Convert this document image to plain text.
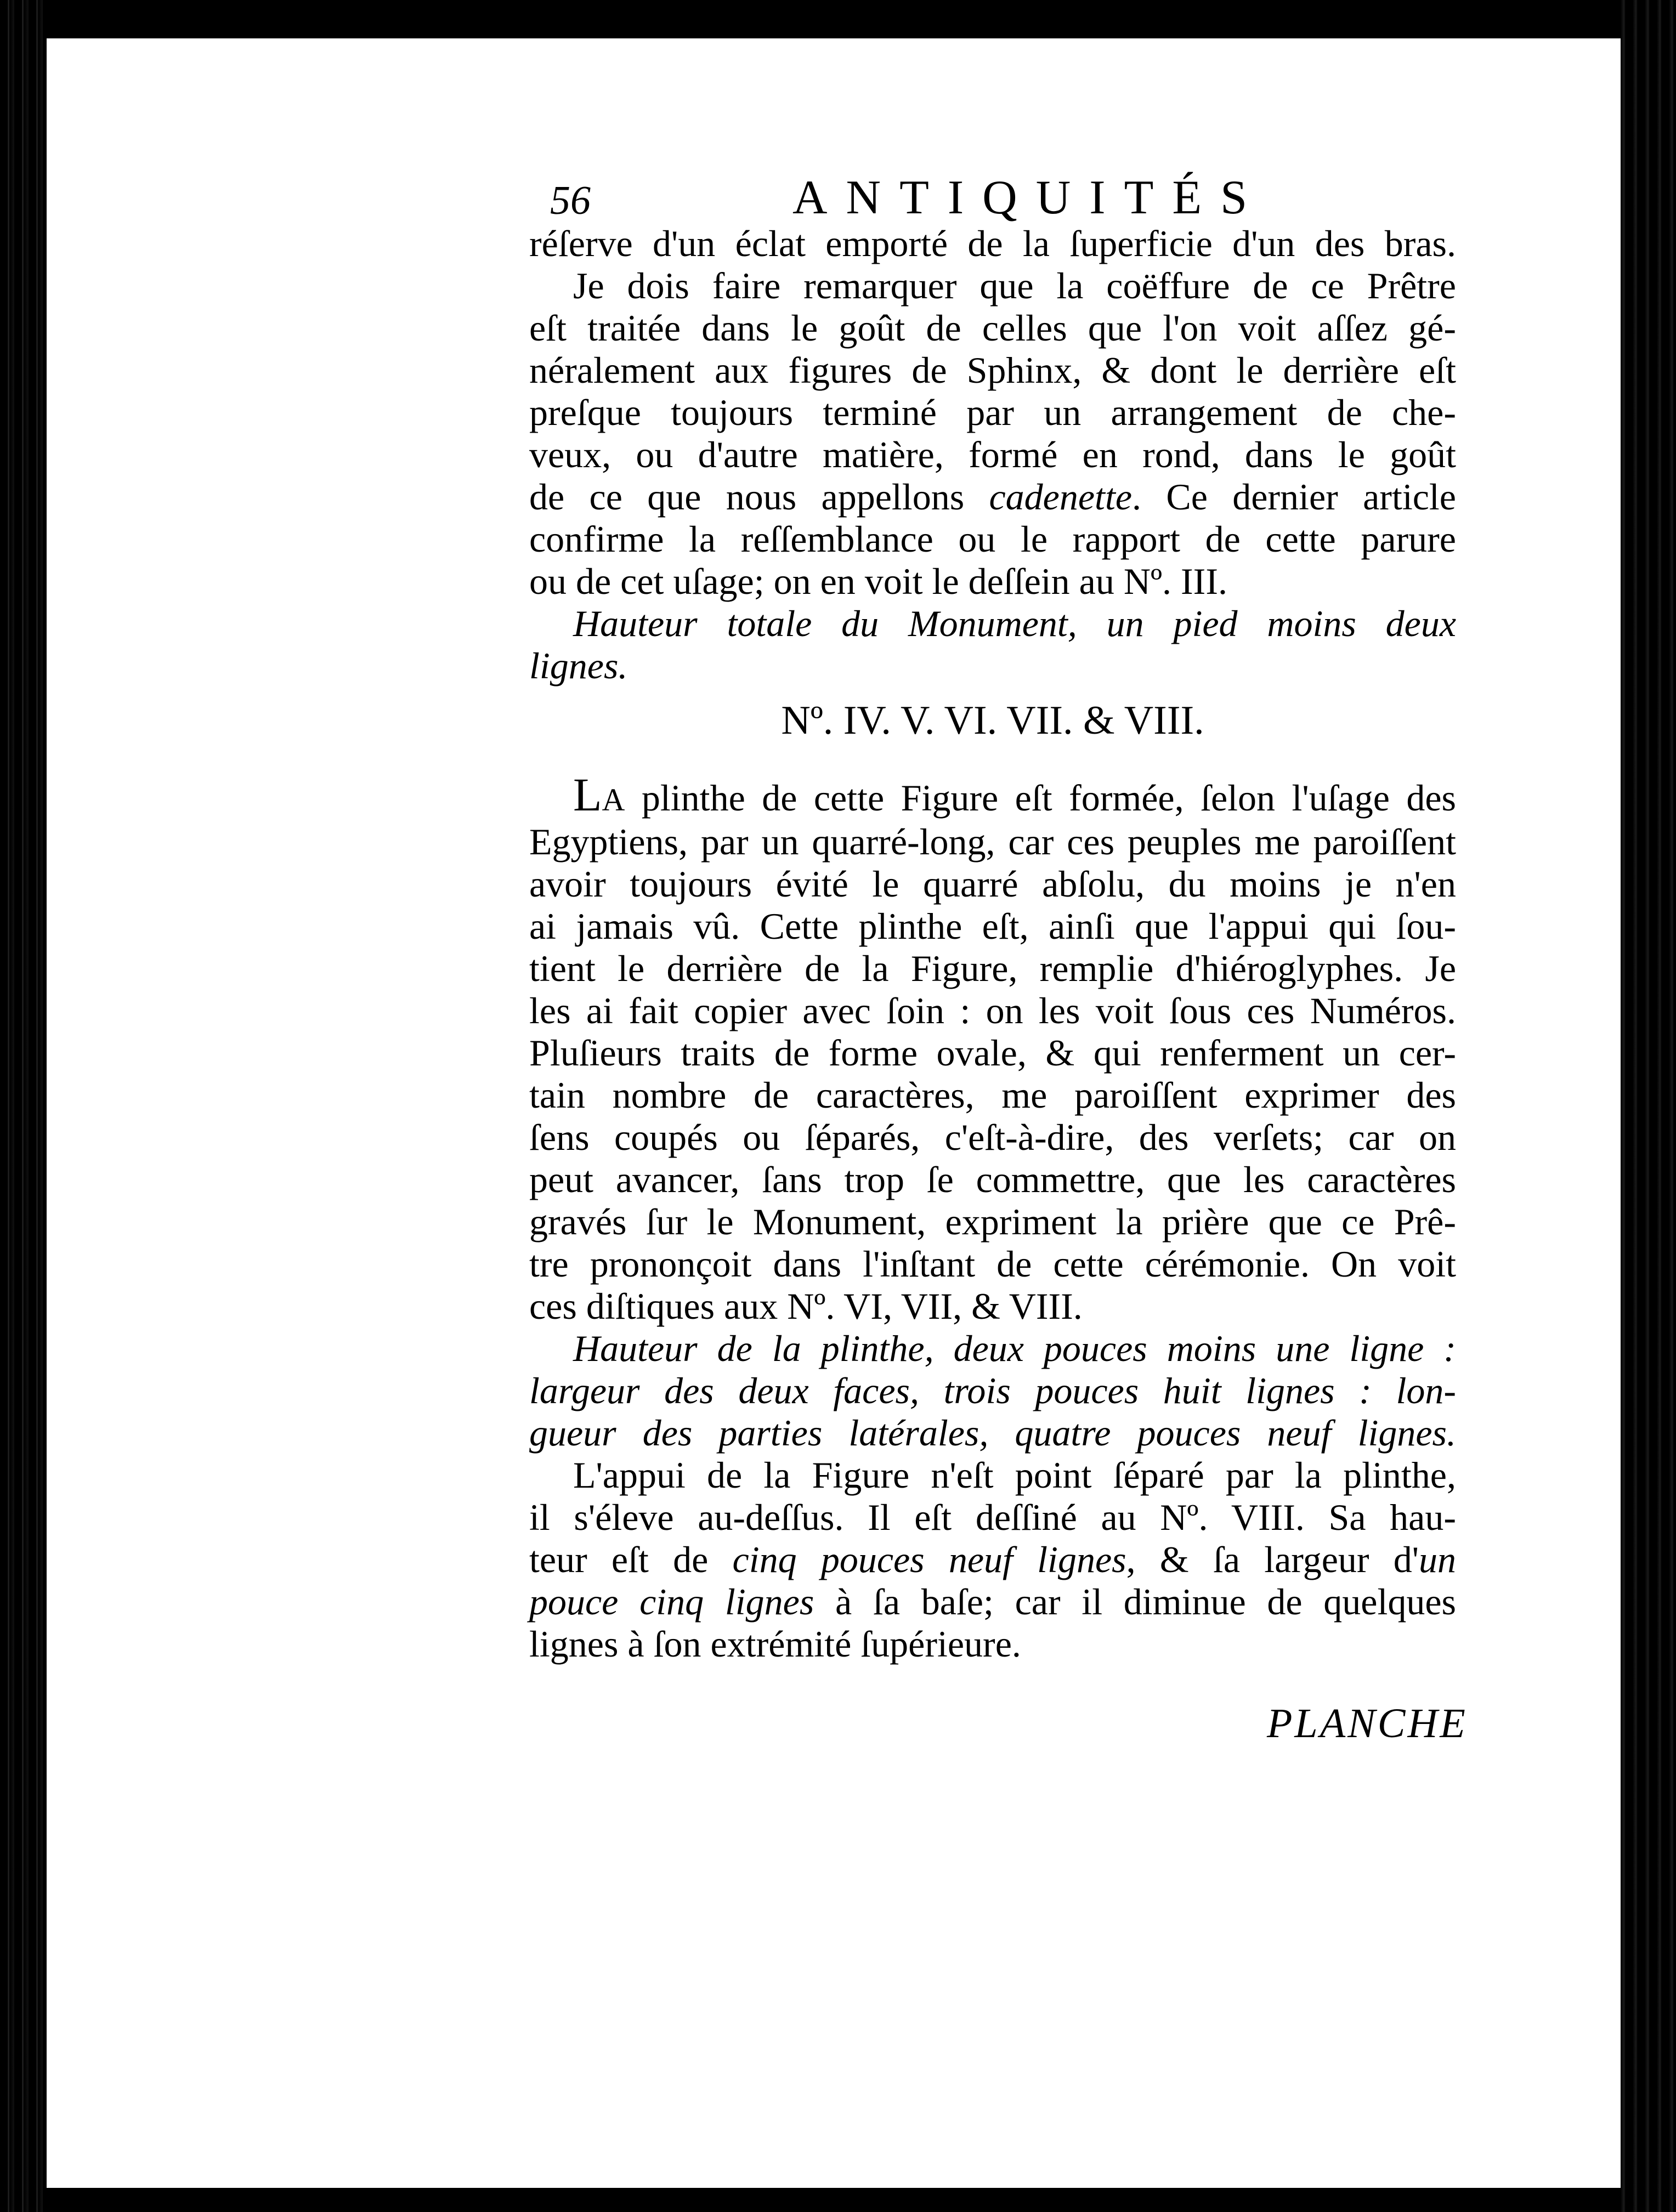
56	ANTIQUITÉS

réſerve d'un éclat emporté de la ſuperficie d'un des bras.

Je dois faire remarquer que la coëffure de ce Prêtre
eſt traitée dans le goût de celles que l'on voit aſſez gé-
néralement aux figures de Sphinx, & dont le derrière eſt
preſque toujours terminé par un arrangement de che-
veux, ou d'autre matière, formé en rond, dans le goût
de ce que nous appellons cadenette. Ce dernier article
confirme la reſſemblance ou le rapport de cette parure
ou de cet uſage; on en voit le deſſein au Nº. III.

Hauteur totale du Monument, un pied moins deux
lignes.

Nº. IV. V. VI. VII. & VIII.

LA plinthe de cette Figure eſt formée, ſelon l'uſage des
Egyptiens, par un quarré-long, car ces peuples me paroiſſent
avoir toujours évité le quarré abſolu, du moins je n'en
ai jamais vû. Cette plinthe eſt, ainſi que l'appui qui ſou-
tient le derrière de la Figure, remplie d'hiéroglyphes. Je
les ai fait copier avec ſoin : on les voit ſous ces Numéros.
Pluſieurs traits de forme ovale, & qui renferment un cer-
tain nombre de caractères, me paroiſſent exprimer des
ſens coupés ou ſéparés, c'eſt-à-dire, des verſets; car on
peut avancer, ſans trop ſe commettre, que les caractères
gravés ſur le Monument, expriment la prière que ce Prê-
tre prononçoit dans l'inſtant de cette cérémonie. On voit
ces diſtiques aux Nº. VI, VII, & VIII.

Hauteur de la plinthe, deux pouces moins une ligne :
largeur des deux faces, trois pouces huit lignes : lon-
gueur des parties latérales, quatre pouces neuf lignes.

L'appui de la Figure n'eſt point ſéparé par la plinthe,
il s'éleve au-deſſus. Il eſt deſſiné au Nº. VIII. Sa hau-
teur eſt de cinq pouces neuf lignes, & ſa largeur d'un
pouce cinq lignes à ſa baſe; car il diminue de quelques
lignes à ſon extrémité ſupérieure.

PLANCHE
